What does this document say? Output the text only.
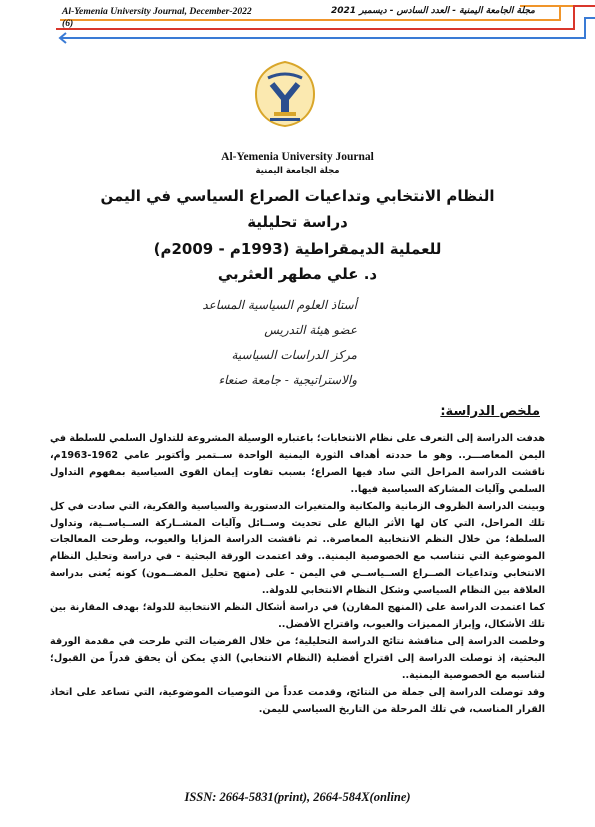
Al-Yemenia University Journal, December-2022
(6)
مجلة الجامعة اليمنية - العدد السادس - ديسمبر 2021
Al-Yemenia University Journal
مجلة الجامعة اليمنية
النظام الانتخابي وتداعيات الصراع السياسي في اليمن
دراسة تحليلية
للعملية الديمقراطية (1993م - 2009م)
د. علي مطهر العثربي
أستاذ العلوم السياسية المساعد
عضو هيئة التدريس
مركز الدراسات السياسية
والاستراتيجية - جامعة صنعاء
ملخص الدراسة:

هدفت الدراسة إلى التعرف على نظام الانتخابات؛ باعتباره الوسيلة المشروعة للتداول السلمي للسلطة في اليمن المعاصـــر.. وهو ما حددته أهداف الثورة اليمنية الواحدة ســتمبر وأكتوبر عامي 1962-1963م، ناقشت الدراسة المراحل التي ساد فيها الصراع؛ بسبب تفاوت إيمان القوى السياسية بمفهوم التداول السلمي وآليات المشاركة السياسية فيها..

وبينت الدراسة الظروف الزمانية والمكانية والمتغيرات الدستورية والسياسية والفكرية، التي سادت في كل تلك المراحل، التي كان لها الأثر البالغ على تحديث وســائل وآليات المشــاركة الســياســية، وتداول السلطة؛ من خلال النظم الانتخابية المعاصرة.. ثم ناقشت الدراسة المزايا والعيوب، وطرحت المعالجات الموضوعية التي تتناسب مع الخصوصية اليمنية.. وقد اعتمدت الورقة البحثية - في دراسة وتحليل النظام الانتخابي وتداعيات الصــراع الســياســي في اليمن - على (منهج تحليل المضــمون) كونه يُعنى بدراسة العلاقة بين النظام السياسي وشكل النظام الانتخابي للدولة..

كما اعتمدت الدراسة على (المنهج المقارن) في دراسة أشكال النظم الانتخابية للدولة؛ بهدف المقارنة بين تلك الأشكال، وإبراز المميزات والعيوب، واقتراح الأفضل..

وخلصت الدراسة إلى مناقشة نتائج الدراسة التحليلية؛ من خلال الفرضيات التي طرحت في مقدمة الورقة البحثية، إذ توصلت الدراسة إلى اقتراح أفضلية (النظام الانتخابي) الذي يمكن أن يحقق قدراً من القبول؛ لتناسبه مع الخصوصية اليمنية..

وقد توصلت الدراسة إلى جملة من النتائج، وقدمت عدداً من التوصيات الموضوعية، التي تساعد على اتخاذ القرار المناسب، في تلك المرحلة من التاريخ السياسي لليمن.

ISSN: 2664-5831(print), 2664-584X(online)
